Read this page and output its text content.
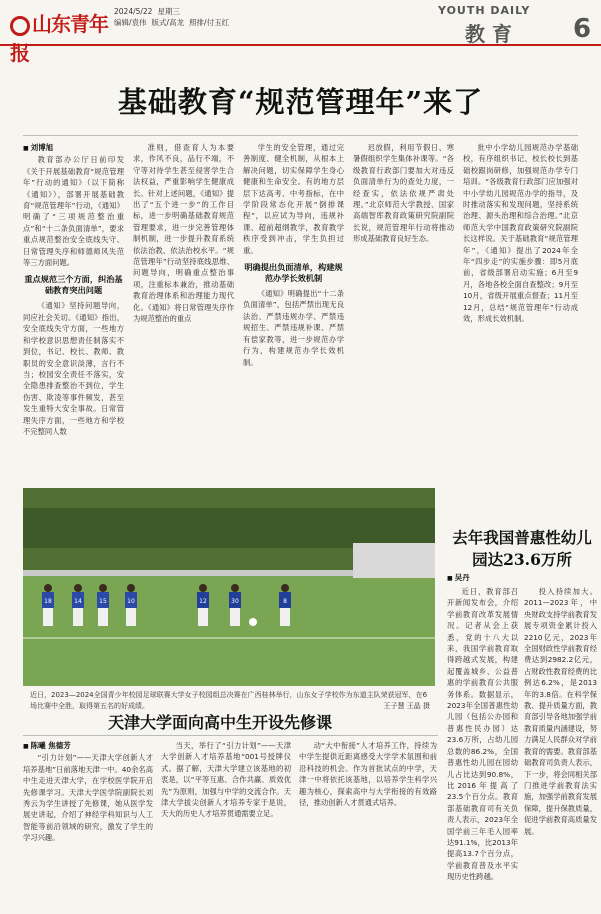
山东青年报
2024/5/22 星期三
编辑/袁伟 版式/高龙 照排/付玉红
YOUTH DAILY
教 育 6
基础教育“规范管理年”来了
■ 刘博旭

教育部办公厅日前印发《关于开展基础教育“规范管理年”行动的通知》（以下简称《通知》），部署开展基础教育“规范管理年”行动，《通知》明确了“三项规范整治重点”和“十二条负面清单”，要求重点规范整治安全底线失守、日常管理失序和师德师风失范等三方面问题。

重点规范三个方面，纠治基础教育突出问题

《通知》坚持问题导向，同应社会关切。《通知》指出，安全底线失守方面，一些地方和学校意识思想责任制落实不到位，书记、校长、教师、教职员的安全意识淡薄，言行不当；校园安全责任不落实，安全隐患排查整治不到位，学生伤害、欺凌等事件频发，甚至发生重特大安全事故。日常管理失序方面，一些地方和学校不完整同人数

准则，借查育人为本要求，作风不良，品行不端，不守等对待学生甚至侵害学生合法权益，严重影响学生健康成长。针对上述问题，《通知》提出了“五个进一步”的工作目标，进一步明确基础教育规范管理要求，进一步完善管理体制机制，进一步提升教育系统依法治教、依法治校水平。“规范管理年”行动坚持底线思维、问题导向，明确重点整治事项，注重标本兼治，推动基础教育治理体系和治理能力现代化。《通知》将日常管理失序作为规范整治的重点

学生的安全管理，通过完善制度、健全机制，从根本上解决问题，切实保障学生身心健康和生命安全。有的地方层层下达高考、中考指标，在中学阶段常态化开展“倒排课程”，以应试为导向，违规补课、超前超纲教学，教育教学秩序受到冲击，学生负担过重。

明确提出负面清单，构建规范办学长效机制

《通知》明确提出“十二条负面清单”，包括严禁出现无良法治、严禁违规办学、严禁违规招生、严禁违规补课、严禁有偿家教等，进一步规范办学行为，构建规范办学长效机制。

迟放假，利用节假日、寒暑假组织学生集体补课等。“各级教育行政部门要加大对违反负面清单行为的查处力度，一经查实，依法依规严肃处理。”北京师范大学教授、国家高端智库教育政策研究院副院长说，规范管理年行动将推动形成基础教育良好生态。

批中小学幼儿园规范办学基础校，有序组织书记、校长校长到基础校跟岗研修，加强规范办学专门培训。“各级教育行政部门应加强对中小学幼儿园规范办学的指导，及时推动落实和发现问题，坚持系统治理、源头治理和综合治理。”北京师范大学中国教育政策研究院副院长这样说。关于基础教育“规范管理年”，《通知》提出了2024年全年“四步走”的实施步骤：即5月底前，省级部署启动实施；6月至9月，各地各校全面自查整改；9月至10月，省级开展重点督查；11月至12月，总结“规范管理年”行动成效，形成长效机制。

18	14	15	10	12	30	8
近日，2023—2024全国青少年校园足球联赛大学女子校园组总决赛在广西桂林举行，山东女子学校作为东道主队荣获冠军，在6场比赛中全胜，取得第五名的好成绩。	王子慧 王晶 摄
去年我国普惠性幼儿园达23.6万所
■ 吴丹

近日，教育部召开新闻发布会，介绍学前教育改革发展情况。记者从会上获悉，党的十八大以来，我国学前教育取得跨越式发展，构建起覆盖城乡、公益普惠的学前教育公共服务体系。数据显示，2023年全国普惠性幼儿园（包括公办园和普惠性民办园）达23.6万所，占幼儿园总数的86.2%，全国普惠性幼儿园在园幼儿占比达到90.8%，比2016年提高了23.5个百分点。教育部基础教育司有关负责人表示，2023年全国学前三年毛入园率达91.1%，比2013年提高13.7个百分点，学前教育普及水平实现历史性跨越。

投入持续加大。2011—2023年，中央财政支持学前教育发展专项资金累计投入2210亿元，2023年全国财政性学前教育经费达到2982.2亿元，占财政性教育经费的比例达6.2%，是2013年的3.8倍。在科学保教、提升质量方面，教育部引导各地加强学前教育质量内涵建设，努力满足人民群众对学前教育的需要。教育部基础教育司负责人表示，下一步，将会同相关部门推进学前教育法实施，加强学前教育发展保障，提升保教质量，促进学前教育高质量发展。

天津大学面向高中生开设先修课
■ 陈曦 焦德芳

“引力计划”——天津大学创新人才培养基地”日前落地天津一中。40余名高中生走进天津大学，在学校医学院开启先修课学习。天津大学医学院副院长刘秀云为学生讲授了先修课，她从医学发展史讲起，介绍了神经学科知识与人工智能等前沿领域的研究，激发了学生的学习兴趣。

当天，举行了“引力计划”——天津大学创新人才培养基地“001号授牌仪式。据了解，天津大学建立该基地的初衷是，以“平等互惠、合作共赢、质效优先”为原则，加强与中学的交流合作。天津大学拔尖创新人才培养专家于是说，天大的历史人才培养贯通需要立足。

动“大中衔接”人才培养工作，持续为中学生提供近距离感受大学学术氛围和前沿科技的机会。作为首批试点的中学，天津一中将依托该基地，以培养学生科学兴趣为核心，探索高中与大学衔接的有效路径，推动创新人才贯通式培养。
